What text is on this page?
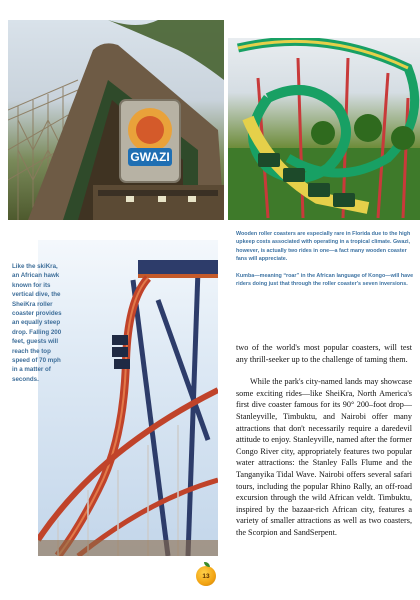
GWAZI
Like the skiKra,
an African hawk
known for its
vertical dive, the
SheiKra roller
coaster provides
an equally steep
drop. Falling 200
feet, guests will
reach the top
speed of 70 mph
in a matter of
seconds.

Wooden roller coasters are especially rare in Florida due to the high upkeep costs associated with operating in a tropical climate. Gwazi, however, is actually two rides in one—a fact many wooden coaster fans will appreciate.

Kumba—meaning “roar” in the African language of Kongo—will have riders doing just that through the roller coaster's seven inversions.

two of the world's most popular coasters, will test any thrill-seeker up to the challenge of taming them.

While the park's city-named lands may showcase some exciting rides—like SheiKra, North America's first dive coaster famous for its 90° 200–foot drop—Stanleyville, Timbuktu, and Nairobi offer many attractions that don't necessarily require a daredevil attitude to enjoy. Stanleyville, named after the former Congo River city, appropriately features two popular water attractions: the Stanley Falls Flume and the Tanganyika Tidal Wave. Nairobi offers several safari tours, including the popular Rhino Rally, an off-road excursion through the wild African veldt. Timbuktu, inspired by the bazaar-rich African city, features a variety of smaller attractions as well as two coasters, the Scorpion and SandSerpent.

13
